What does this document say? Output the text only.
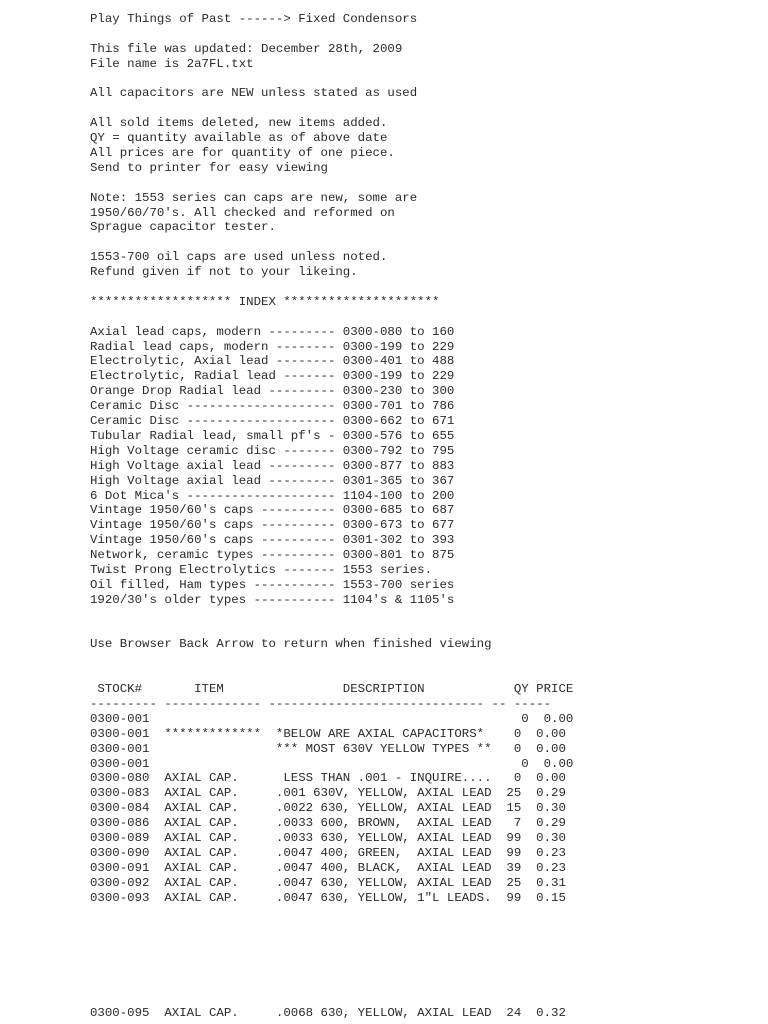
Play Things of Past ------> Fixed Condensors
This file was updated: December 28th, 2009
File name is 2a7FL.txt
All capacitors are NEW unless stated as used
All sold items deleted, new items added.
QY = quantity available as of above date
All prices are for quantity of one piece.
Send to printer for easy viewing
Note: 1553 series can caps are new, some are
1950/60/70's. All checked and reformed on
Sprague capacitor tester.
1553-700 oil caps are used unless noted.
Refund given if not to your likeing.
******************* INDEX *********************
Axial lead caps, modern --------- 0300-080 to 160
Radial lead caps, modern -------- 0300-199 to 229
Electrolytic, Axial lead -------- 0300-401 to 488
Electrolytic, Radial lead ------- 0300-199 to 229
Orange Drop Radial lead --------- 0300-230 to 300
Ceramic Disc -------------------- 0300-701 to 786
Ceramic Disc -------------------- 0300-662 to 671
Tubular Radial lead, small pf's - 0300-576 to 655
High Voltage ceramic disc ------- 0300-792 to 795
High Voltage axial lead --------- 0300-877 to 883
High Voltage axial lead --------- 0301-365 to 367
6 Dot Mica's -------------------- 1104-100 to 200
Vintage 1950/60's caps ---------- 0300-685 to 687
Vintage 1950/60's caps ---------- 0300-673 to 677
Vintage 1950/60's caps ---------- 0301-302 to 393
Network, ceramic types ---------- 0300-801 to 875
Twist Prong Electrolytics ------- 1553 series.
Oil filled, Ham types ----------- 1553-700 series
1920/30's older types ----------- 1104's & 1105's
Use Browser Back Arrow to return when finished viewing
STOCK#       ITEM                DESCRIPTION            QY PRICE
--------- ------------- ----------------------------- -- -----
0300-001                                                  0  0.00
0300-001  *************  *BELOW ARE AXIAL CAPACITORS*    0  0.00
0300-001                 *** MOST 630V YELLOW TYPES **   0  0.00
0300-001                                                  0  0.00
0300-080  AXIAL CAP.      LESS THAN .001 - INQUIRE....   0  0.00
0300-083  AXIAL CAP.     .001 630V, YELLOW, AXIAL LEAD  25  0.29
0300-084  AXIAL CAP.     .0022 630, YELLOW, AXIAL LEAD  15  0.30
0300-086  AXIAL CAP.     .0033 600, BROWN,  AXIAL LEAD   7  0.29
0300-089  AXIAL CAP.     .0033 630, YELLOW, AXIAL LEAD  99  0.30
0300-090  AXIAL CAP.     .0047 400, GREEN,  AXIAL LEAD  99  0.23
0300-091  AXIAL CAP.     .0047 400, BLACK,  AXIAL LEAD  39  0.23
0300-092  AXIAL CAP.     .0047 630, YELLOW, AXIAL LEAD  25  0.31
0300-093  AXIAL CAP.     .0047 630, YELLOW, 1"L LEADS.  99  0.15
0300-095  AXIAL CAP.     .0068 630, YELLOW, AXIAL LEAD  24  0.32
